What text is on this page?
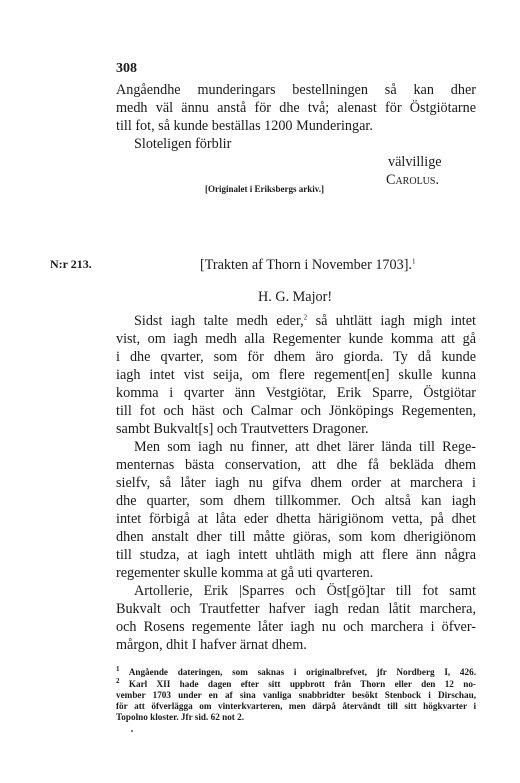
308
Angåendhe munderingars bestellningen så kan dher
medh väl ännu anstå för dhe två; alenast för Östgiötarne
till fot, så kunde beställas 1200 Munderingar.
Sloteligen förblir
välvillige
Carolus.
[Originalet i Eriksbergs arkiv.]
N:r 213.	[Trakten af Thorn i November 1703].$^1$
H. G. Major!
Sidst iagh talte medh eder,$^2$ så uhtlätt iagh migh intet
vist, om iagh medh alla Regementer kunde komma att gå
i dhe qvarter, som för dhem äro giorda. Ty då kunde
iagh intet vist seija, om flere regement[en] skulle kunna
komma i qvarter änn Vestgiötar, Erik Sparre, Östgiötar
till fot och häst och Calmar och Jönköpings Regementen,
sambt Bukvalt[s] och Trautvetters Dragoner.
Men som iagh nu finner, att dhet lärer lända till Rege-
menternas bästa conservation, att dhe få bekläda dhem
sielfv, så låter iagh nu gifva dhem order at marchera i
dhe quarter, som dhem tillkommer. Och altså kan iagh
intet förbigå at låta eder dhetta härigiönom vetta, på dhet
dhen anstalt dher till måtte giöras, som kom dherigiönom
till studza, at iagh intett uhtläth migh att flere änn några
regementer skulle komma at gå uti qvarteren.
Artollerie, Erik |Sparres och Öst[gö]tar till fot samt
Bukvalt och Trautfetter hafver iagh redan låtit marchera,
och Rosens regemente låter iagh nu och marchera i öfver-
mårgon, dhit I hafver ärnat dhem.
$^1$ Angående dateringen, som saknas i originalbrefvet, jfr Nordberg I, 426.
$^2$ Karl XII hade dagen efter sitt uppbrott från Thorn eller den 12 no-
vember 1703 under en af sina vanliga snabbridter besökt Stenbock i Dirschau,
för att öfverlägga om vinterkvarteren, men därpå återvändt till sitt högkvarter i
Topolno kloster. Jfr sid. 62 not 2.
